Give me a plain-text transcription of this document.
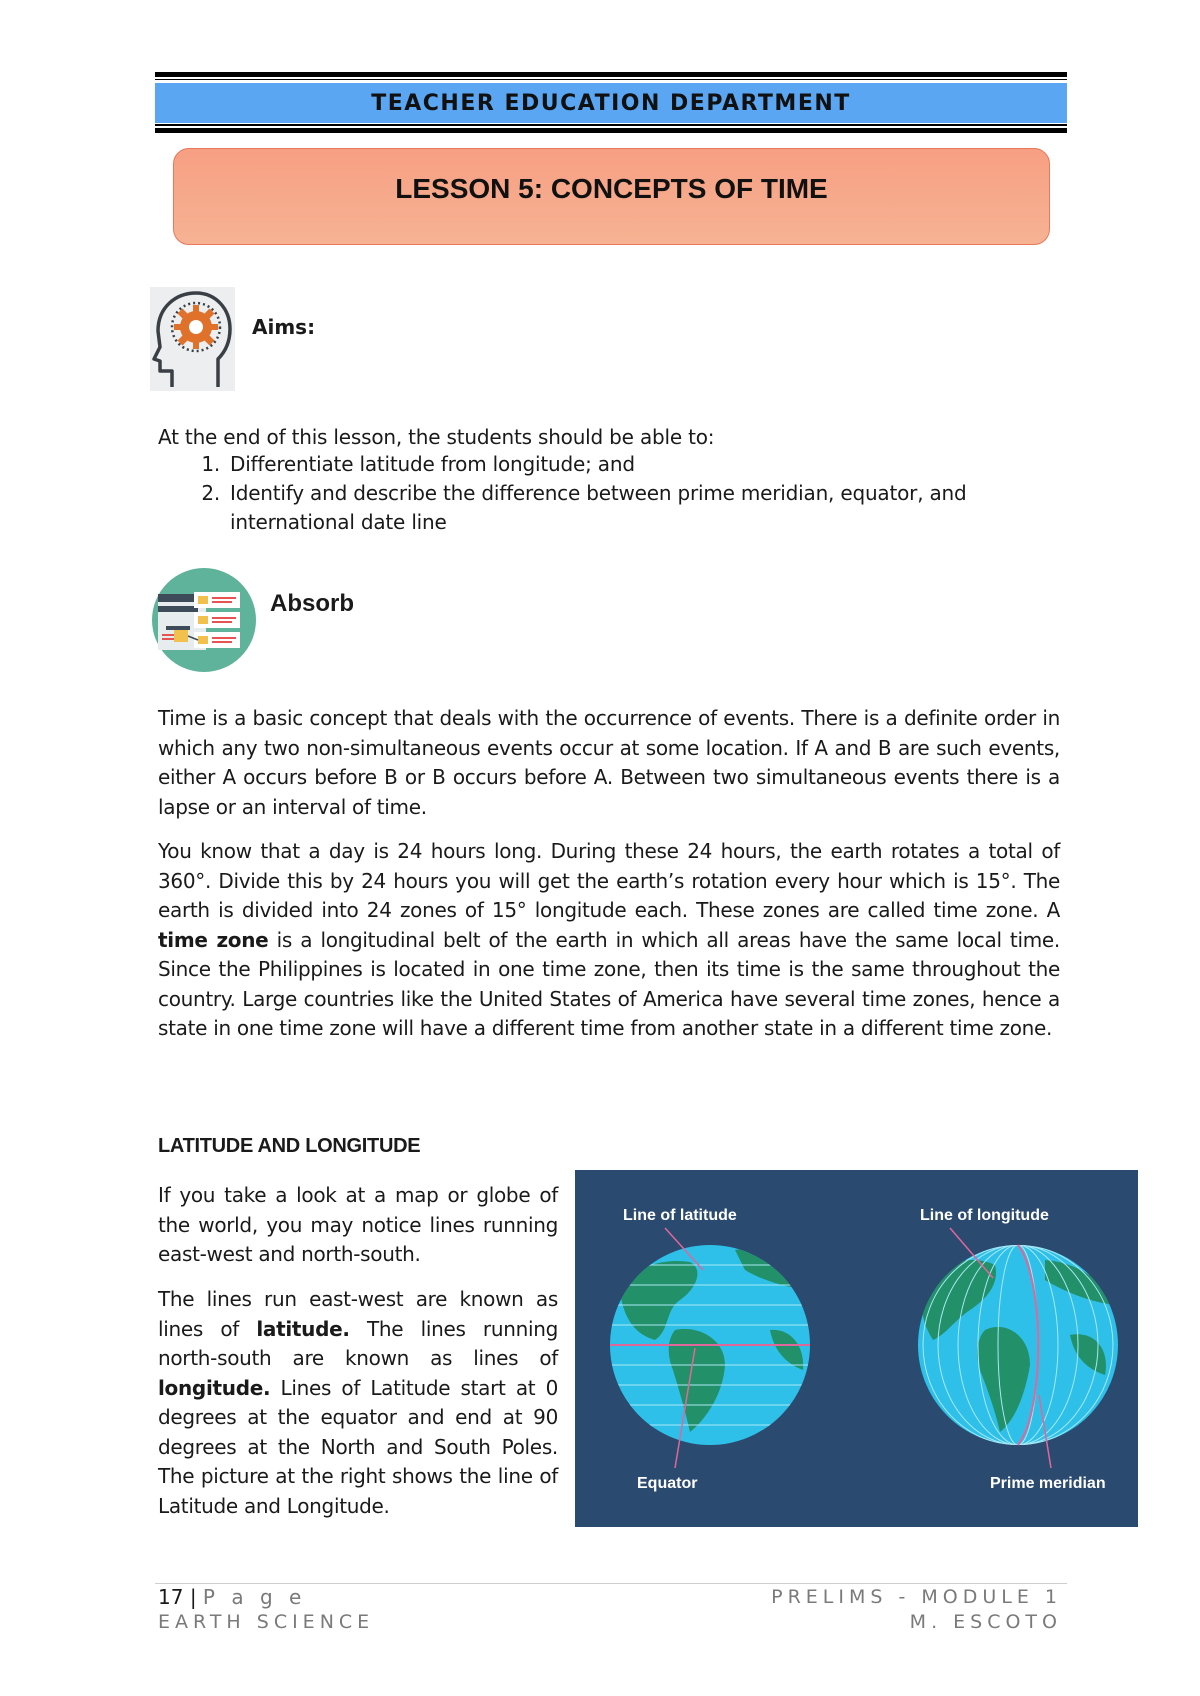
TEACHER EDUCATION DEPARTMENT
LESSON 5: CONCEPTS OF TIME
Aims:
At the end of this lesson, the students should be able to:
1. Differentiate latitude from longitude; and
2. Identify and describe the difference between prime meridian, equator, and
international date line
Absorb
Time is a basic concept that deals with the occurrence of events. There is a definite order in which any two non-simultaneous events occur at some location. If A and B are such events, either A occurs before B or B occurs before A. Between two simultaneous events there is a lapse or an interval of time.
You know that a day is 24 hours long. During these 24 hours, the earth rotates a total of 360°. Divide this by 24 hours you will get the earth’s rotation every hour which is 15°. The earth is divided into 24 zones of 15° longitude each. These zones are called time zone. A time zone is a longitudinal belt of the earth in which all areas have the same local time. Since the Philippines is located in one time zone, then its time is the same throughout the country. Large countries like the United States of America have several time zones, hence a state in one time zone will have a different time from another state in a different time zone.
LATITUDE AND LONGITUDE
If you take a look at a map or globe of the world, you may notice lines running east-west and north-south.
The lines run east-west are known as lines of latitude. The lines running north-south are known as lines of longitude. Lines of Latitude start at 0 degrees at the equator and end at 90 degrees at the North and South Poles. The picture at the right shows the line of Latitude and Longitude.
Line of latitude	Line of longitude
Equator	Prime meridian
17 | P a g e
EARTH SCIENCE
PRELIMS - MODULE 1
M. ESCOTO
